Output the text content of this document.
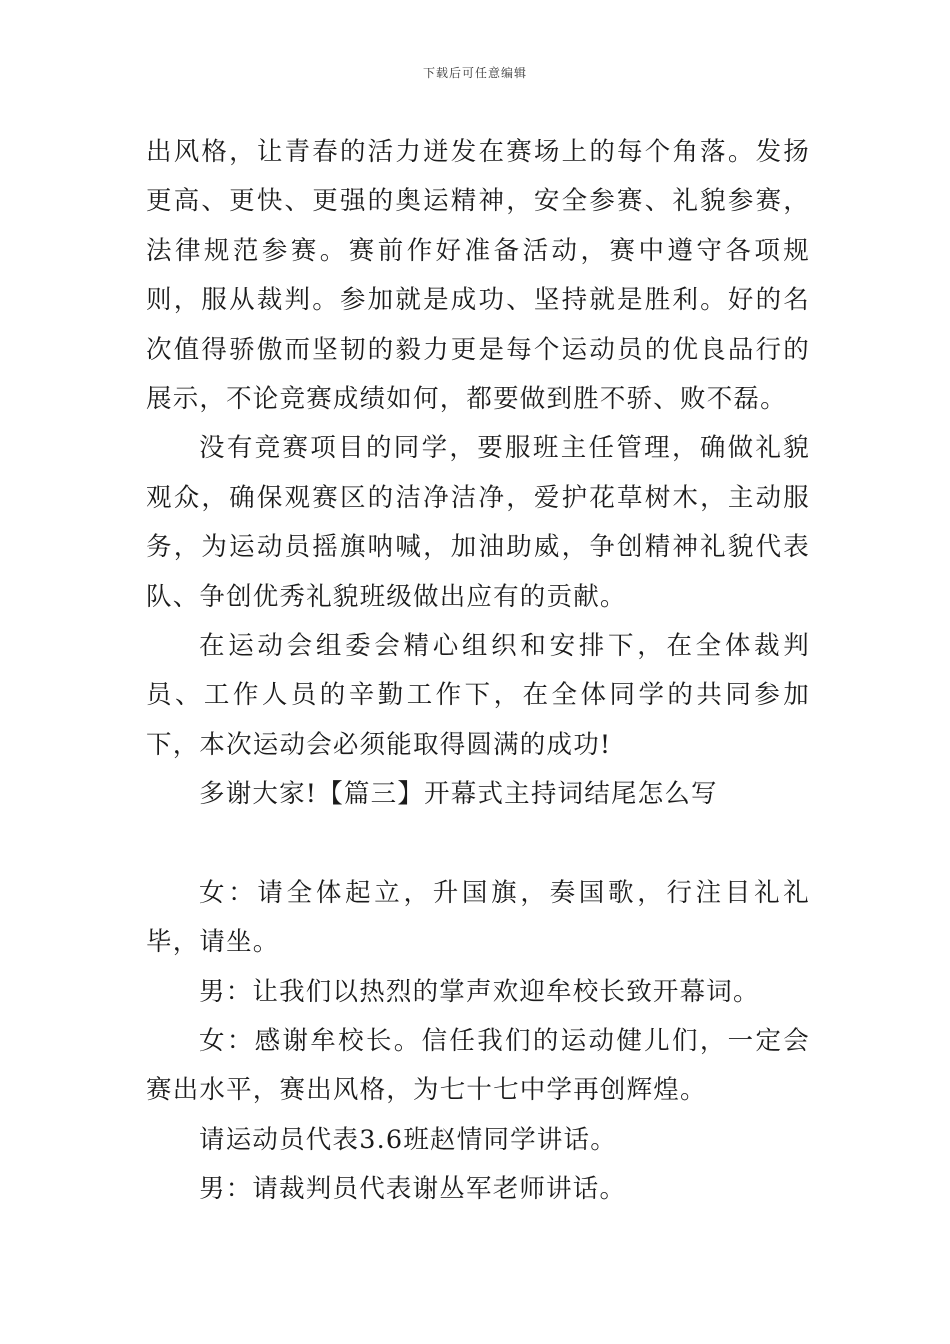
下载后可任意编辑

出风格，让青春的活力迸发在赛场上的每个角落。发扬更高、更快、更强的奥运精神，安全参赛、礼貌参赛，法律规范参赛。赛前作好准备活动，赛中遵守各项规则，服从裁判。参加就是成功、坚持就是胜利。好的名次值得骄傲而坚韧的毅力更是每个运动员的优良品行的展示，不论竞赛成绩如何，都要做到胜不骄、败不磊。

没有竞赛项目的同学，要服班主任管理，确做礼貌观众，确保观赛区的洁净洁净，爱护花草树木，主动服务，为运动员摇旗呐喊，加油助威，争创精神礼貌代表队、争创优秀礼貌班级做出应有的贡献。

在运动会组委会精心组织和安排下，在全体裁判员、工作人员的辛勤工作下，在全体同学的共同参加下，本次运动会必须能取得圆满的成功!

多谢大家!【篇三】开幕式主持词结尾怎么写

女：请全体起立，升国旗，奏国歌，行注目礼礼毕，请坐。

男：让我们以热烈的掌声欢迎牟校长致开幕词。

女：感谢牟校长。信任我们的运动健儿们，一定会赛出水平，赛出风格，为七十七中学再创辉煌。

请运动员代表3.6班赵情同学讲话。

男：请裁判员代表谢丛军老师讲话。
